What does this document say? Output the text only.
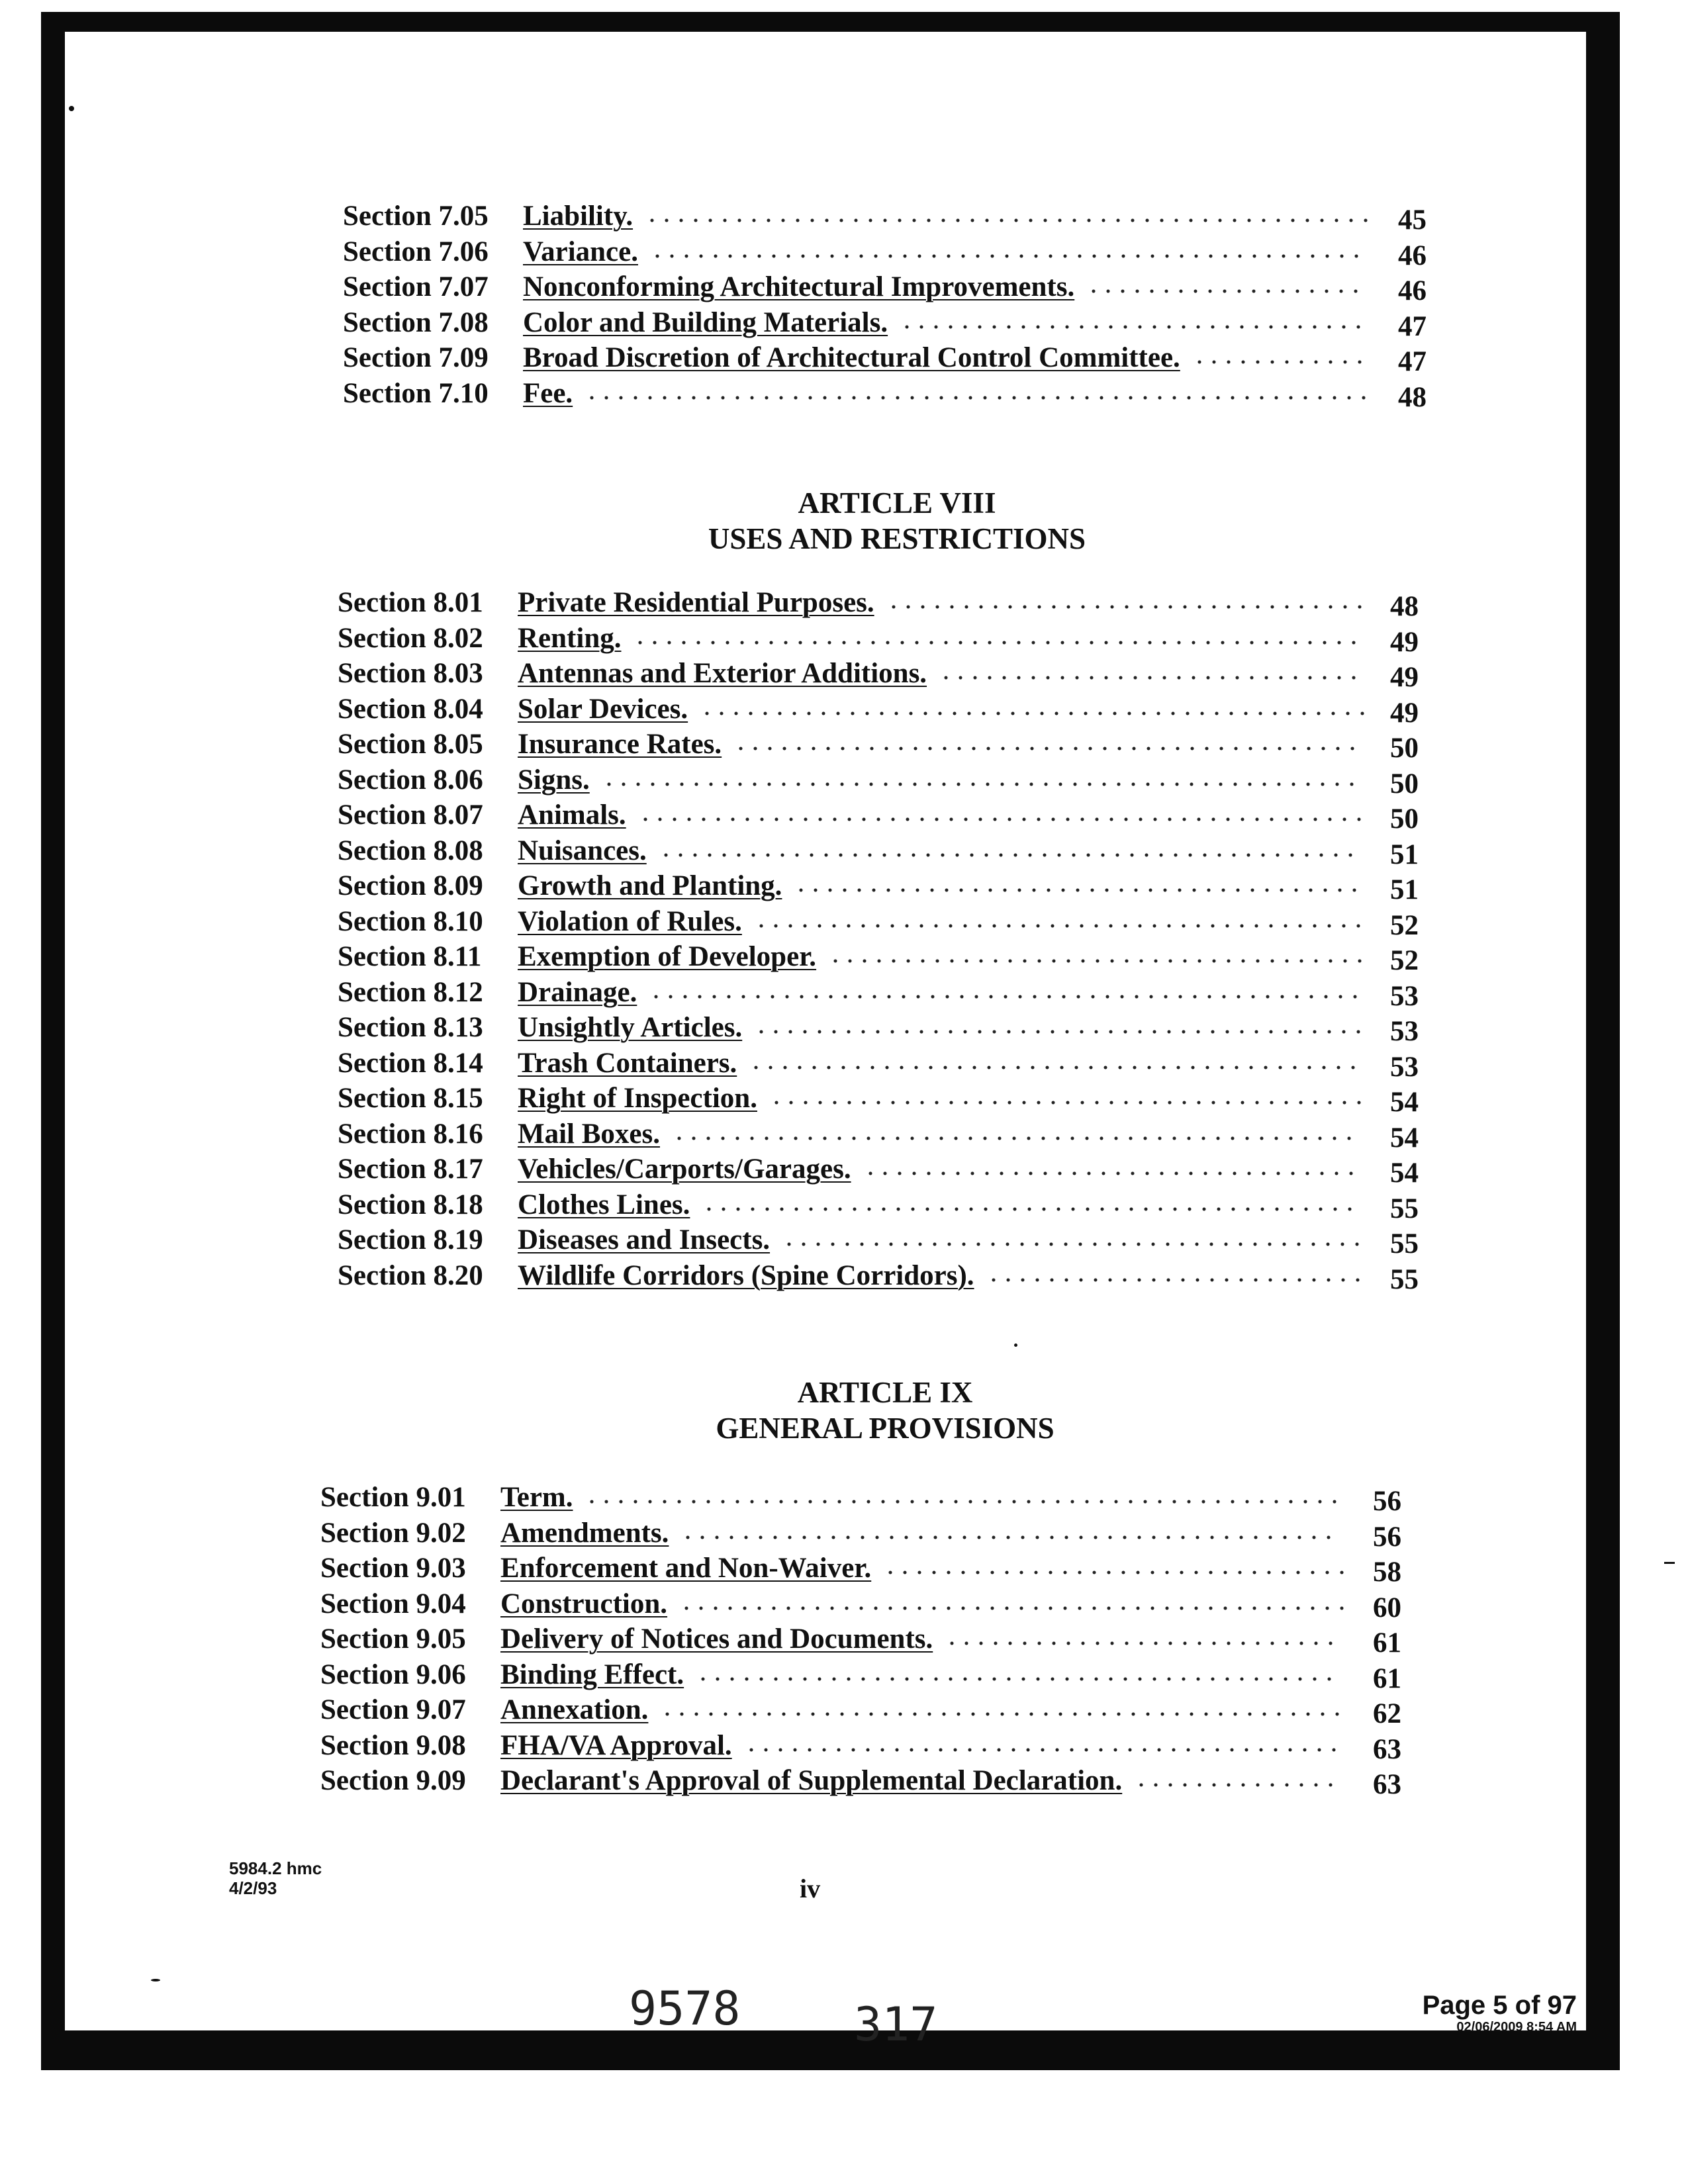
Section 7.05 Liability.	45
Section 7.06 Variance.	46
Section 7.07 Nonconforming Architectural Improvements.	46
Section 7.08 Color and Building Materials.	47
Section 7.09 Broad Discretion of Architectural Control Committee.	47
Section 7.10 Fee.	48
ARTICLE VIII
USES AND RESTRICTIONS
Section 8.01 Private Residential Purposes.	48
Section 8.02 Renting.	49
Section 8.03 Antennas and Exterior Additions.	49
Section 8.04 Solar Devices.	49
Section 8.05 Insurance Rates.	50
Section 8.06 Signs.	50
Section 8.07 Animals.	50
Section 8.08 Nuisances.	51
Section 8.09 Growth and Planting.	51
Section 8.10 Violation of Rules.	52
Section 8.11 Exemption of Developer.	52
Section 8.12 Drainage.	53
Section 8.13 Unsightly Articles.	53
Section 8.14 Trash Containers.	53
Section 8.15 Right of Inspection.	54
Section 8.16 Mail Boxes.	54
Section 8.17 Vehicles/Carports/Garages.	54
Section 8.18 Clothes Lines.	55
Section 8.19 Diseases and Insects.	55
Section 8.20 Wildlife Corridors (Spine Corridors).	55
ARTICLE IX
GENERAL PROVISIONS
Section 9.01 Term.	56
Section 9.02 Amendments.	56
Section 9.03 Enforcement and Non-Waiver.	58
Section 9.04 Construction.	60
Section 9.05 Delivery of Notices and Documents.	61
Section 9.06 Binding Effect.	61
Section 9.07 Annexation.	62
Section 9.08 FHA/VA Approval.	63
Section 9.09 Declarant's Approval of Supplemental Declaration.	63
5984.2 hmc
4/2/93	iv
9578 317	Page 5 of 97
02/06/2009 8:54 AM
